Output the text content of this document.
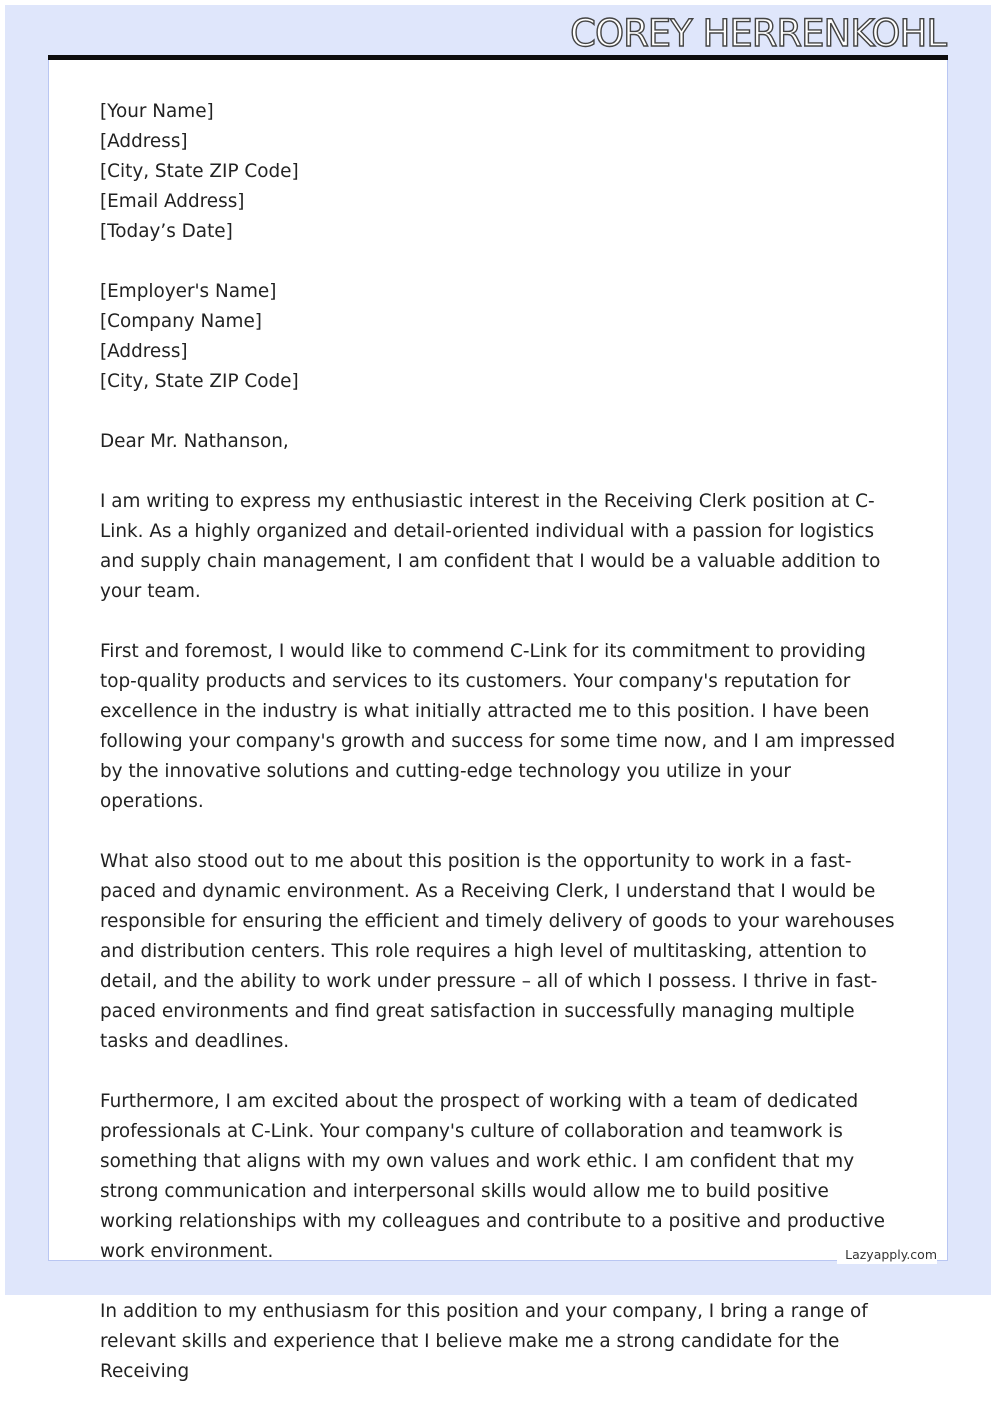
COREY HERRENKOHL

[Your Name]

[Address]

[City, State ZIP Code]

[Email Address]

[Today’s Date]

[Employer's Name]

[Company Name]

[Address]

[City, State ZIP Code]

Dear Mr. Nathanson,

I am writing to express my enthusiastic interest in the Receiving Clerk position at C-Link. As a highly organized and detail-oriented individual with a passion for logistics and supply chain management, I am confident that I would be a valuable addition to your team.

First and foremost, I would like to commend C-Link for its commitment to providing top-quality products and services to its customers. Your company's reputation for excellence in the industry is what initially attracted me to this position. I have been following your company's growth and success for some time now, and I am impressed by the innovative solutions and cutting-edge technology you utilize in your operations.

What also stood out to me about this position is the opportunity to work in a fast-paced and dynamic environment. As a Receiving Clerk, I understand that I would be responsible for ensuring the efficient and timely delivery of goods to your warehouses and distribution centers. This role requires a high level of multitasking, attention to detail, and the ability to work under pressure – all of which I possess. I thrive in fast-paced environments and find great satisfaction in successfully managing multiple tasks and deadlines.

Furthermore, I am excited about the prospect of working with a team of dedicated professionals at C-Link. Your company's culture of collaboration and teamwork is something that aligns with my own values and work ethic. I am confident that my strong communication and interpersonal skills would allow me to build positive working relationships with my colleagues and contribute to a positive and productive work environment.

In addition to my enthusiasm for this position and your company, I bring a range of relevant skills and experience that I believe make me a strong candidate for the Receiving

Lazyapply.com
